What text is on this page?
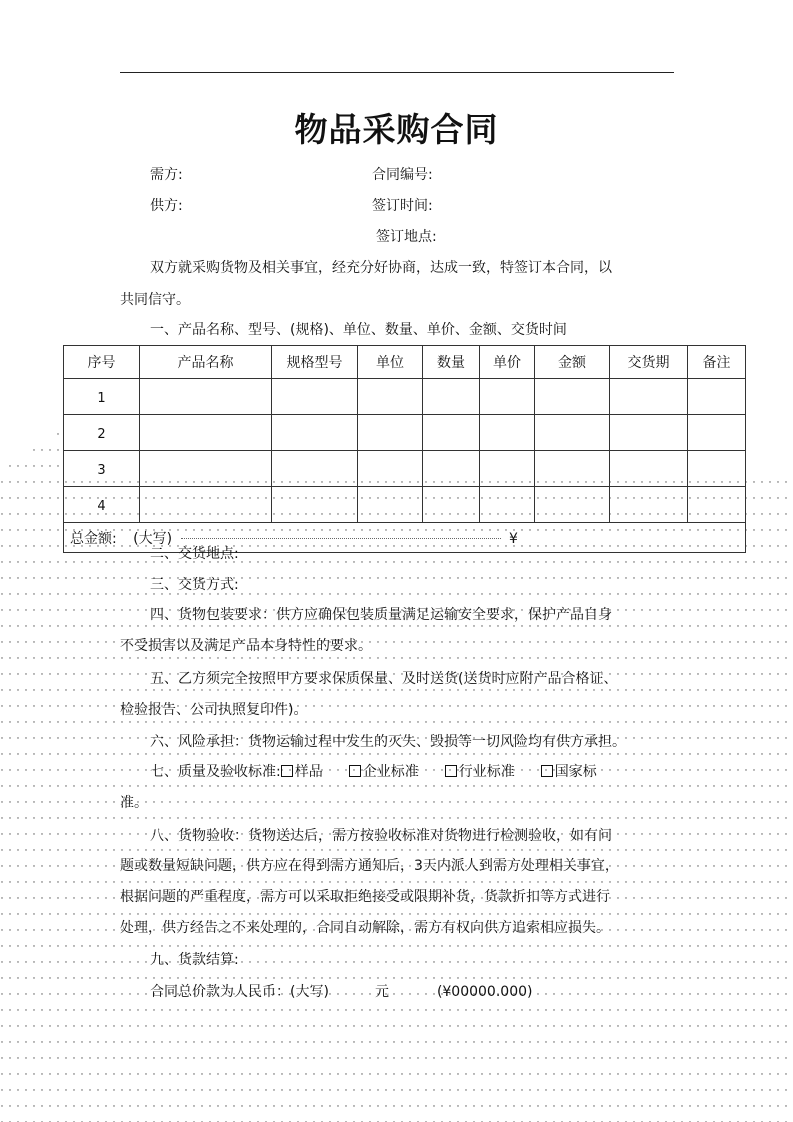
物品采购合同
需方:	合同编号:
供方:	签订时间:
签订地点:
双方就采购货物及相关事宜，经充分好协商，达成一致，特签订本合同，以
共同信守。
一、产品名称、型号、(规格)、单位、数量、单价、金额、交货时间
序号	产品名称	规格型号	单位	数量	单价	金额	交货期	备注
1								
2								
3								
4								
总金额: (大写) ¥								
二、交货地点:
三、交货方式:
四、货物包装要求：供方应确保包装质量满足运输安全要求，保护产品自身
不受损害以及满足产品本身特性的要求。
五、乙方须完全按照甲方要求保质保量、及时送货(送货时应附产品合格证、
检验报告、公司执照复印件)。
六、风险承担：货物运输过程中发生的灭失、毁损等一切风险均有供方承担。
七、质量及验收标准: 样品	企业标准	行业标准	国家标
准。
八、货物验收：货物送达后，需方按验收标准对货物进行检测验收，如有问
题或数量短缺问题，供方应在得到需方通知后，3天内派人到需方处理相关事宜，
根据问题的严重程度，需方可以采取拒绝接受或限期补货，货款折扣等方式进行
处理，供方经告之不来处理的，合同自动解除，需方有权向供方追索相应损失。
九、货款结算:
合同总价款为人民币：(大写)	元	(¥00000.000)
